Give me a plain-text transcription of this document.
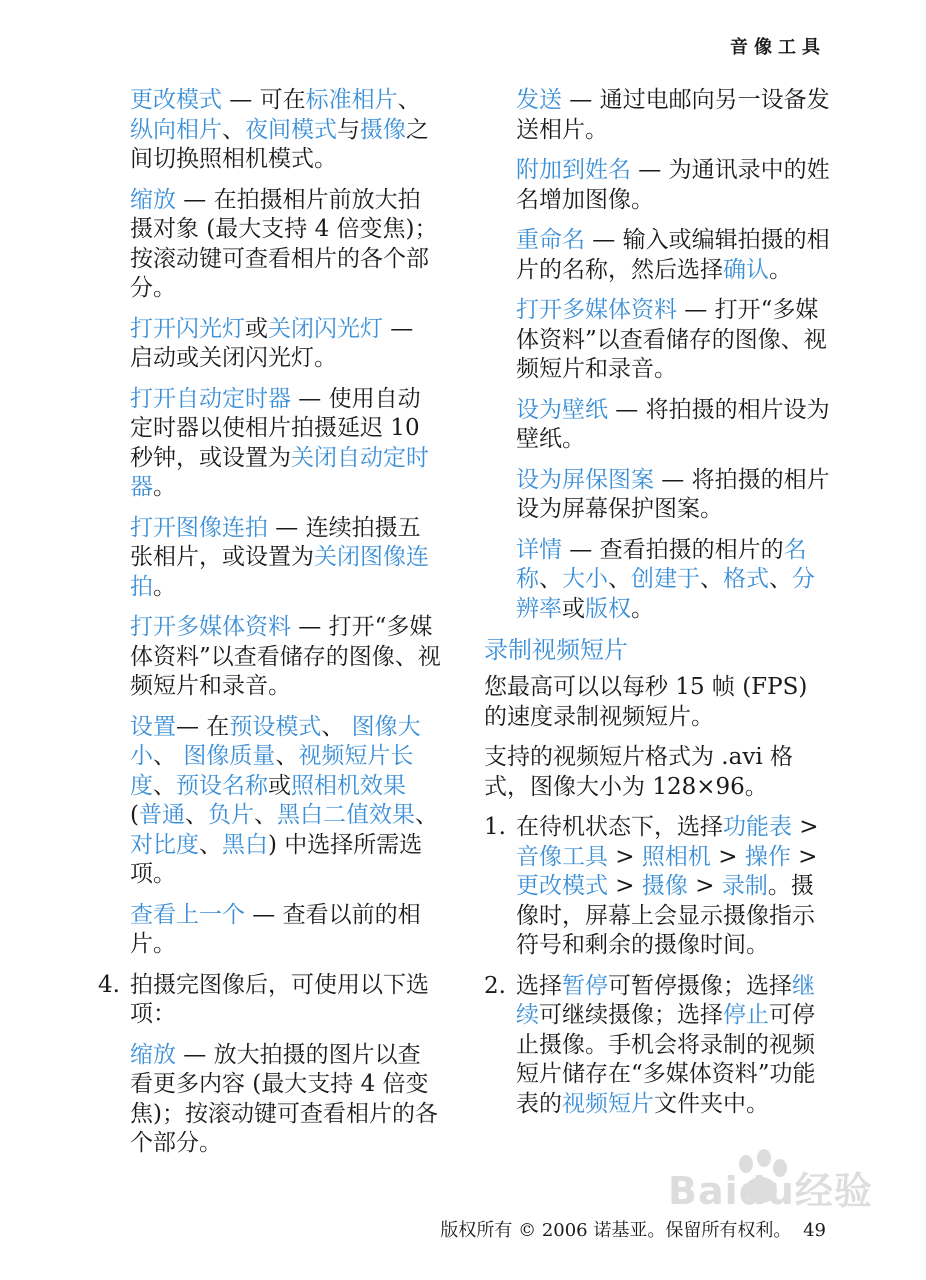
音像工具

更改模式 — 可在标准相片、纵向相片、夜间模式与摄像之间切换照相机模式。

缩放 — 在拍摄相片前放大拍摄对象 (最大支持 4 倍变焦)；按滚动键可查看相片的各个部分。

打开闪光灯或关闭闪光灯 — 启动或关闭闪光灯。

打开自动定时器 — 使用自动定时器以使相片拍摄延迟 10 秒钟，或设置为关闭自动定时器。

打开图像连拍 — 连续拍摄五张相片，或设置为关闭图像连拍。

打开多媒体资料 — 打开“多媒体资料”以查看储存的图像、视频短片和录音。

设置— 在预设模式、 图像大小、 图像质量、视频短片长度、预设名称或照相机效果 (普通、负片、黑白二值效果、对比度、黑白) 中选择所需选项。

查看上一个 — 查看以前的相片。

4. 拍摄完图像后，可使用以下选项：
缩放 — 放大拍摄的图片以查看更多内容 (最大支持 4 倍变焦)；按滚动键可查看相片的各个部分。

发送 — 通过电邮向另一设备发送相片。

附加到姓名 — 为通讯录中的姓名增加图像。

重命名 — 输入或编辑拍摄的相片的名称，然后选择确认。

打开多媒体资料 — 打开“多媒体资料”以查看储存的图像、视频短片和录音。

设为壁纸 — 将拍摄的相片设为壁纸。

设为屏保图案 — 将拍摄的相片设为屏幕保护图案。

详情 — 查看拍摄的相片的名称、大小、创建于、格式、分辨率或版权。

录制视频短片

您最高可以以每秒 15 帧 (FPS) 的速度录制视频短片。

支持的视频短片格式为 .avi 格式，图像大小为 128×96。

1. 在待机状态下，选择功能表 > 音像工具 > 照相机 > 操作 > 更改模式 > 摄像 > 录制。摄像时，屏幕上会显示摄像指示符号和剩余的摄像时间。
2. 选择暂停可暂停摄像；选择继续可继续摄像；选择停止可停止摄像。手机会将录制的视频短片储存在“多媒体资料”功能表的视频短片文件夹中。
版权所有 © 2006 诺基亚。保留所有权利。 49
Baidu经验
